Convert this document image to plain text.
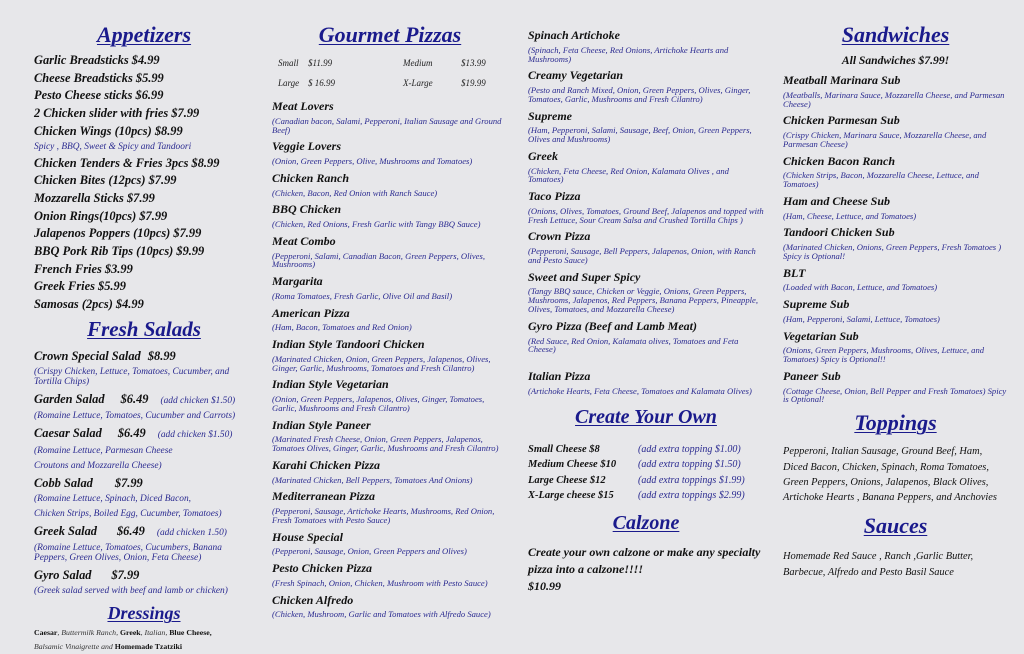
Appetizers
Garlic Breadsticks $4.99
Cheese Breadsticks $5.99
Pesto Cheese sticks $6.99
2 Chicken slider with fries $7.99
Chicken Wings (10pcs) $8.99
Spicy , BBQ, Sweet & Spicy and Tandoori
Chicken Tenders & Fries 3pcs $8.99
Chicken Bites (12pcs) $7.99
Mozzarella Sticks $7.99
Onion Rings(10pcs) $7.99
Jalapenos Poppers (10pcs) $7.99
BBQ Pork Rib Tips (10pcs) $9.99
French Fries $3.99
Greek Fries $5.99
Samosas (2pcs) $4.99
Fresh Salads
Crown Special Salad $8.99
(Crispy Chicken, Lettuce, Tomatoes, Cucumber, and Tortilla Chips)
Garden Salad $6.49 (add chicken $1.50)
(Romaine Lettuce, Tomatoes, Cucumber and Carrots)
Caesar Salad $6.49 (add chicken $1.50)
(Romaine Lettuce, Parmesan Cheese
Croutons and Mozzarella Cheese)
Cobb Salad $7.99
(Romaine Lettuce, Spinach, Diced Bacon,
Chicken Strips, Boiled Egg, Cucumber, Tomatoes)
Greek Salad $6.49 (add chicken 1.50)
(Romaine Lettuce, Tomatoes, Cucumbers, Banana Peppers, Green Olives, Onion, Feta Cheese)
Gyro Salad $7.99
(Greek salad served with beef and lamb or chicken)
Dressings
Caesar, Buttermilk Ranch, Greek, Italian, Blue Cheese,
Balsamic Vinaigrette and Homemade Tzatziki
Gourmet Pizzas
Small	$11.99	Medium	$13.99
Large $ 16.99	X-Large	$19.99
Meat Lovers
(Canadian bacon, Salami, Pepperoni, Italian Sausage and Ground Beef)
Veggie Lovers
(Onion, Green Peppers, Olive, Mushrooms and Tomatoes)
Chicken Ranch
(Chicken, Bacon, Red Onion with Ranch Sauce)
BBQ Chicken
(Chicken, Red Onions, Fresh Garlic with Tangy BBQ Sauce)
Meat Combo
(Pepperoni, Salami, Canadian Bacon, Green Peppers, Olives, Mushrooms)
Margarita
(Roma Tomatoes, Fresh Garlic, Olive Oil and Basil)
American Pizza
(Ham, Bacon, Tomatoes and Red Onion)
Indian Style Tandoori Chicken
(Marinated Chicken, Onion, Green Peppers, Jalapenos, Olives, Ginger, Garlic, Mushrooms, Tomatoes and Fresh Cilantro)
Indian Style Vegetarian
(Onion, Green Peppers, Jalapenos, Olives, Ginger, Tomatoes, Garlic, Mushrooms and Fresh Cilantro)
Indian Style Paneer
(Marinated Fresh Cheese, Onion, Green Peppers, Jalapenos, Tomatoes Olives, Ginger, Garlic, Mushrooms and Fresh Cilantro)
Karahi Chicken Pizza
(Marinated Chicken, Bell Peppers, Tomatoes And Onions)
Mediterranean Pizza
(Pepperoni, Sausage, Artichoke Hearts, Mushrooms, Red Onion, Fresh Tomatoes with Pesto Sauce)
House Special
(Pepperoni, Sausage, Onion, Green Peppers and Olives)
Pesto Chicken Pizza
(Fresh Spinach, Onion, Chicken, Mushroom with Pesto Sauce)
Chicken Alfredo
(Chicken, Mushroom, Garlic and Tomatoes with Alfredo Sauce)
Spinach Artichoke
(Spinach, Feta Cheese, Red Onions, Artichoke Hearts and Mushrooms)
Creamy Vegetarian
(Pesto and Ranch Mixed, Onion, Green Peppers, Olives, Ginger, Tomatoes, Garlic, Mushrooms and Fresh Cilantro)
Supreme
(Ham, Pepperoni, Salami, Sausage, Beef, Onion, Green Peppers, Olives and Mushrooms)
Greek
(Chicken, Feta Cheese, Red Onion, Kalamata Olives , and Tomatoes)
Taco Pizza
(Onions, Olives, Tomatoes, Ground Beef, Jalapenos and topped with Fresh Lettuce, Sour Cream Salsa and Crushed Tortilla Chips )
Crown Pizza
(Pepperoni, Sausage, Bell Peppers, Jalapenos, Onion, with Ranch and Pesto Sauce)
Sweet and Super Spicy
(Tangy BBQ sauce, Chicken or Veggie, Onions, Green Peppers, Mushrooms, Jalapenos, Red Peppers, Banana Peppers, Pineapple, Olives, Tomatoes, and Mozzarella Cheese)
Gyro Pizza (Beef and Lamb Meat)
(Red Sauce, Red Onion, Kalamata olives, Tomatoes and Feta Cheese)
Italian Pizza
(Artichoke Hearts, Feta Cheese, Tomatoes and Kalamata Olives)
Create Your Own
Small Cheese $8	(add extra topping $1.00)
Medium Cheese $10	(add extra topping $1.50)
Large Cheese $12	(add extra toppings $1.99)
X-Large cheese $15	(add extra toppings $2.99)
Calzone
Create your own calzone or make any specialty pizza into a calzone!!!!
$10.99
Sandwiches
All Sandwiches $7.99!
Meatball Marinara Sub
(Meatballs, Marinara Sauce, Mozzarella Cheese, and Parmesan Cheese)
Chicken Parmesan Sub
(Crispy Chicken, Marinara Sauce, Mozzarella Cheese, and Parmesan Cheese)
Chicken Bacon Ranch
(Chicken Strips, Bacon, Mozzarella Cheese, Lettuce, and Tomatoes)
Ham and Cheese Sub
(Ham, Cheese, Lettuce, and Tomatoes)
Tandoori Chicken Sub
(Marinated Chicken, Onions, Green Peppers, Fresh Tomatoes ) Spicy is Optional!
BLT
(Loaded with Bacon, Lettuce, and Tomatoes)
Supreme Sub
(Ham, Pepperoni, Salami, Lettuce, Tomatoes)
Vegetarian Sub
(Onions, Green Peppers, Mushrooms, Olives, Lettuce, and Tomatoes) Spicy is Optional!!
Paneer Sub
(Cottage Cheese, Onion, Bell Pepper and Fresh Tomatoes) Spicy is Optional!
Toppings
Pepperoni, Italian Sausage, Ground Beef, Ham, Diced Bacon, Chicken, Spinach, Roma Tomatoes, Green Peppers, Onions, Jalapenos, Black Olives, Artichoke Hearts , Banana Peppers, and Anchovies
Sauces
Homemade Red Sauce , Ranch ,Garlic Butter, Barbecue, Alfredo and Pesto Basil Sauce
